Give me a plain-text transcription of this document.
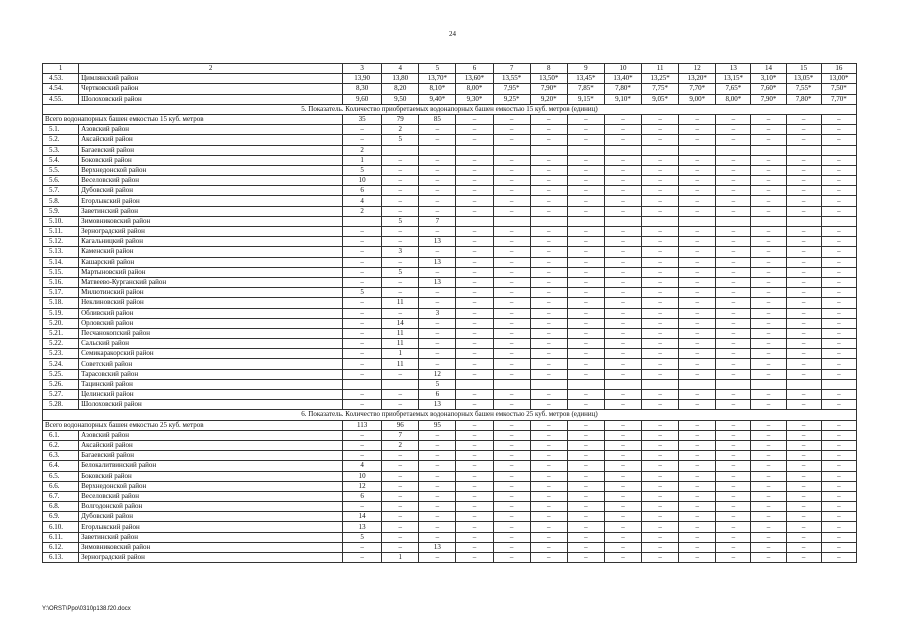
24
1	2	3	4	5	6	7	8	9	10	11	12	13	14	15	16
4.53.	Цимлянский район	13,90	13,80	13,70*	13,60*	13,55*	13,50*	13,45*	13,40*	13,25*	13,20*	13,15*	3,10*	13,05*	13,00*
4.54.	Чертковский район	8,30	8,20	8,10*	8,00*	7,95*	7,90*	7,85*	7,80*	7,75*	7,70*	7,65*	7,60*	7,55*	7,50*
4.55.	Шолоховский район	9,60	9,50	9,40*	9,30*	9,25*	9,20*	9,15*	9,10*	9,05*	9,00*	8,00*	7,90*	7,80*	7,70*
5. Показатель. Количество приобретаемых водонапорных башен емкостью 15 куб. метров (единиц)															
Всего водонапорных башен емкостью 15 куб. метров		35	79	85	–	–	–	–	–	–	–	–	–	–	–
5.1.	Азовский район	–	2	–	–	–	–	–	–	–	–	–	–	–	–
5.2.	Аксайский район	–	5	–	–	–	–	–	–	–	–	–	–	–	–
5.3.	Багаевский район	2													
5.4.	Боковский район	1	–	–	–	–	–	–	–	–	–	–	–	–	–
5.5.	Верхнедонской район	5	–	–	–	–	–	–	–	–	–	–	–	–	–
5.6.	Веселовский район	10	–	–	–	–	–	–	–	–	–	–	–	–	–
5.7.	Дубовский район	6	–	–	–	–	–	–	–	–	–	–	–	–	–
5.8.	Егорлыкский район	4	–	–	–	–	–	–	–	–	–	–	–	–	–
5.9.	Заветинский район	2	–	–	–	–	–	–	–	–	–	–	–	–	–
5.10.	Зимовниковский район		5	7											
5.11.	Зерноградский район	–	–	–	–	–	–	–	–	–	–	–	–	–	–
5.12.	Кагальницкий район	–	–	13	–	–	–	–	–	–	–	–	–	–	–
5.13.	Каменский район	–	3	–	–	–	–	–	–	–	–	–	–	–	–
5.14.	Кашарский район	–	–	13	–	–	–	–	–	–	–	–	–	–	–
5.15.	Мартыновский район	–	5	–	–	–	–	–	–	–	–	–	–	–	–
5.16.	Матвеево-Курганский район	–	–	13	–	–	–	–	–	–	–	–	–	–	–
5.17.	Милютинский район	5	–	–	–	–	–	–	–	–	–	–	–	–	–
5.18.	Неклиновский район	–	11	–	–	–	–	–	–	–	–	–	–	–	–
5.19.	Обливский район	–	–	3	–	–	–	–	–	–	–	–	–	–	–
5.20.	Орловский район	–	14	–	–	–	–	–	–	–	–	–	–	–	–
5.21.	Песчанокопский район	–	11	–	–	–	–	–	–	–	–	–	–	–	–
5.22.	Сальский район	–	11	–	–	–	–	–	–	–	–	–	–	–	–
5.23.	Семикаракорский район	–	1	–	–	–	–	–	–	–	–	–	–	–	–
5.24.	Советский район	–	11	–	–	–	–	–	–	–	–	–	–	–	–
5.25.	Тарасовский район	–	–	12	–	–	–	–	–	–	–	–	–	–	–
5.26.	Тацинский район			5											
5.27.	Целинский район	–	–	6	–	–	–	–	–	–	–	–	–	–	–
5.28.	Шолоховский район	–	–	13	–	–	–	–	–	–	–	–	–	–	–
6. Показатель. Количество приобретаемых водонапорных башен емкостью 25 куб. метров (единиц)															
Всего водонапорных башен емкостью 25 куб. метров		113	96	95	–	–	–	–	–	–	–	–	–	–	–
6.1.	Азовский район	–	7	–	–	–	–	–	–	–	–	–	–	–	–
6.2.	Аксайский район	–	2	–	–	–	–	–	–	–	–	–	–	–	–
6.3.	Багаевский район	–	–	–	–	–	–	–	–	–	–	–	–	–	–
6.4.	Белокалитвинский район	4	–	–	–	–	–	–	–	–	–	–	–	–	–
6.5.	Боковский район	10	–	–	–	–	–	–	–	–	–	–	–	–	–
6.6.	Верхнедонской район	12	–	–	–	–	–	–	–	–	–	–	–	–	–
6.7.	Веселовский район	6	–	–	–	–	–	–	–	–	–	–	–	–	–
6.8.	Волгодонской район	–	–	–	–	–	–	–	–	–	–	–	–	–	–
6.9.	Дубовский район	14	–	–	–	–	–	–	–	–	–	–	–	–	–
6.10.	Егорлыкский район	13	–	–	–	–	–	–	–	–	–	–	–	–	–
6.11.	Заветинский район	5	–	–	–	–	–	–	–	–	–	–	–	–	–
6.12.	Зимовниковский район	–	–	13	–	–	–	–	–	–	–	–	–	–	–
6.13.	Зерноградский район	–	1	–	–	–	–	–	–	–	–	–	–	–	–
Y:\ORST\Ppo\0310p138.f20.docx
